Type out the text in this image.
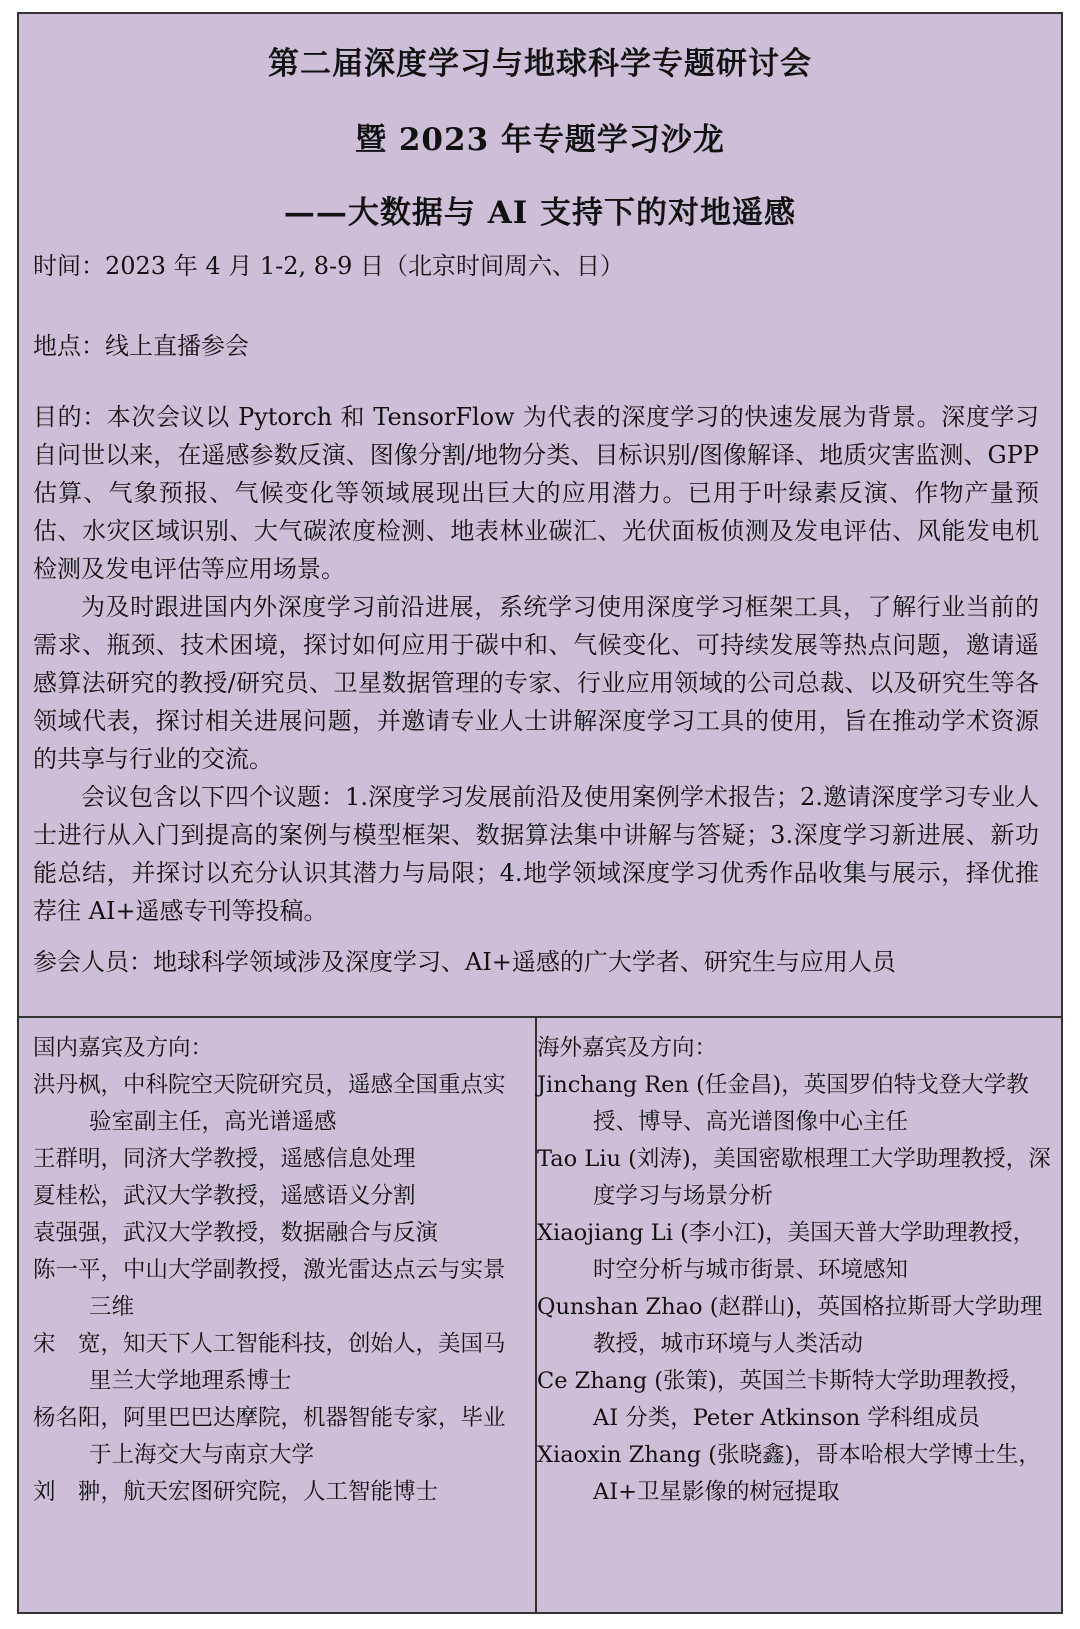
第二届深度学习与地球科学专题研讨会
暨 2023 年专题学习沙龙
——大数据与 AI 支持下的对地遥感
时间：2023 年 4 月 1-2, 8-9 日（北京时间周六、日）
地点：线上直播参会

目的：本次会议以 Pytorch 和 TensorFlow 为代表的深度学习的快速发展为背景。深度学习自问世以来，在遥感参数反演、图像分割/地物分类、目标识别/图像解译、地质灾害监测、GPP 估算、气象预报、气候变化等领域展现出巨大的应用潜力。已用于叶绿素反演、作物产量预估、水灾区域识别、大气碳浓度检测、地表林业碳汇、光伏面板侦测及发电评估、风能发电机检测及发电评估等应用场景。

为及时跟进国内外深度学习前沿进展，系统学习使用深度学习框架工具，了解行业当前的需求、瓶颈、技术困境，探讨如何应用于碳中和、气候变化、可持续发展等热点问题，邀请遥感算法研究的教授/研究员、卫星数据管理的专家、行业应用领域的公司总裁、以及研究生等各领域代表，探讨相关进展问题，并邀请专业人士讲解深度学习工具的使用，旨在推动学术资源的共享与行业的交流。

会议包含以下四个议题：1.深度学习发展前沿及使用案例学术报告；2.邀请深度学习专业人士进行从入门到提高的案例与模型框架、数据算法集中讲解与答疑；3.深度学习新进展、新功能总结，并探讨以充分认识其潜力与局限；4.地学领域深度学习优秀作品收集与展示，择优推荐往 AI+遥感专刊等投稿。

参会人员：地球科学领域涉及深度学习、AI+遥感的广大学者、研究生与应用人员
国内嘉宾及方向：
洪丹枫，中科院空天院研究员，遥感全国重点实验室副主任，高光谱遥感
王群明，同济大学教授，遥感信息处理
夏桂松，武汉大学教授，遥感语义分割
袁强强，武汉大学教授，数据融合与反演
陈一平，中山大学副教授，激光雷达点云与实景三维
宋　宽，知天下人工智能科技，创始人，美国马里兰大学地理系博士
杨名阳，阿里巴巴达摩院，机器智能专家，毕业于上海交大与南京大学
刘　翀，航天宏图研究院，人工智能博士
海外嘉宾及方向：
Jinchang Ren (任金昌)，英国罗伯特戈登大学教授、博导、高光谱图像中心主任
Tao Liu (刘涛)，美国密歇根理工大学助理教授，深度学习与场景分析
Xiaojiang Li (李小江)，美国天普大学助理教授，时空分析与城市街景、环境感知
Qunshan Zhao (赵群山)，英国格拉斯哥大学助理教授，城市环境与人类活动
Ce Zhang (张策)，英国兰卡斯特大学助理教授，AI 分类，Peter Atkinson 学科组成员
Xiaoxin Zhang (张晓鑫)，哥本哈根大学博士生，AI+卫星影像的树冠提取
